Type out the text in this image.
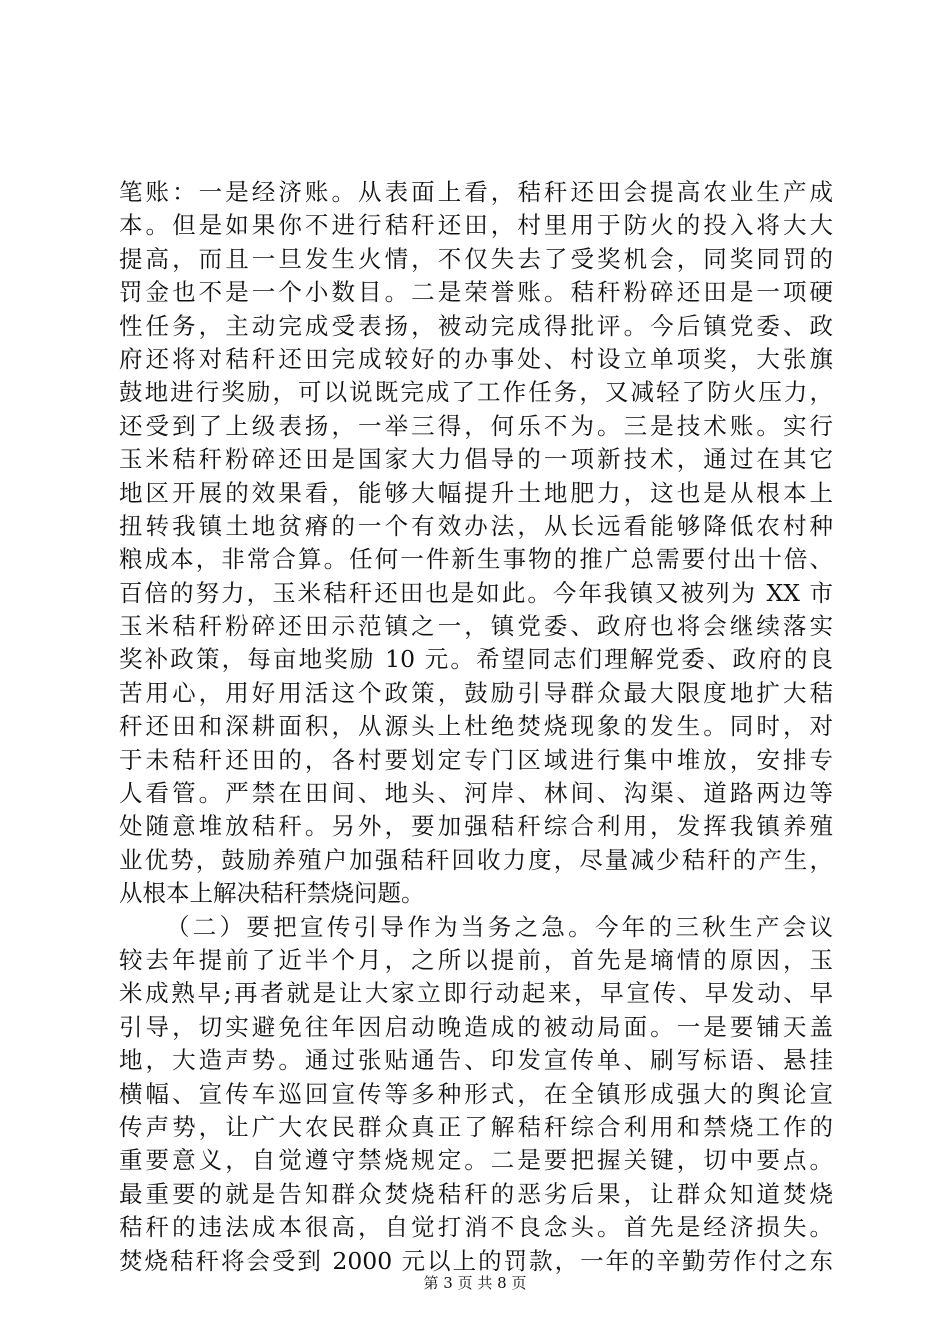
笔账：一是经济账。从表面上看，秸秆还田会提高农业生产成
本。但是如果你不进行秸秆还田，村里用于防火的投入将大大
提高，而且一旦发生火情，不仅失去了受奖机会，同奖同罚的
罚金也不是一个小数目。二是荣誉账。秸秆粉碎还田是一项硬
性任务，主动完成受表扬，被动完成得批评。今后镇党委、政
府还将对秸秆还田完成较好的办事处、村设立单项奖，大张旗
鼓地进行奖励，可以说既完成了工作任务，又减轻了防火压力，
还受到了上级表扬，一举三得，何乐不为。三是技术账。实行
玉米秸秆粉碎还田是国家大力倡导的一项新技术，通过在其它
地区开展的效果看，能够大幅提升土地肥力，这也是从根本上
扭转我镇土地贫瘠的一个有效办法，从长远看能够降低农村种
粮成本，非常合算。任何一件新生事物的推广总需要付出十倍、
百倍的努力，玉米秸秆还田也是如此。今年我镇又被列为 XX 市
玉米秸秆粉碎还田示范镇之一，镇党委、政府也将会继续落实
奖补政策，每亩地奖励 10 元。希望同志们理解党委、政府的良
苦用心，用好用活这个政策，鼓励引导群众最大限度地扩大秸
秆还田和深耕面积，从源头上杜绝焚烧现象的发生。同时，对
于未秸秆还田的，各村要划定专门区域进行集中堆放，安排专
人看管。严禁在田间、地头、河岸、林间、沟渠、道路两边等
处随意堆放秸秆。另外，要加强秸秆综合利用，发挥我镇养殖
业优势，鼓励养殖户加强秸秆回收力度，尽量减少秸秆的产生，
从根本上解决秸秆禁烧问题。
（二）要把宣传引导作为当务之急。今年的三秋生产会议
较去年提前了近半个月，之所以提前，首先是墒情的原因，玉
米成熟早;再者就是让大家立即行动起来，早宣传、早发动、早
引导，切实避免往年因启动晚造成的被动局面。一是要铺天盖
地，大造声势。通过张贴通告、印发宣传单、刷写标语、悬挂
横幅、宣传车巡回宣传等多种形式，在全镇形成强大的舆论宣
传声势，让广大农民群众真正了解秸秆综合利用和禁烧工作的
重要意义，自觉遵守禁烧规定。二是要把握关键，切中要点。
最重要的就是告知群众焚烧秸秆的恶劣后果，让群众知道焚烧
秸秆的违法成本很高，自觉打消不良念头。首先是经济损失。
焚烧秸秆将会受到 2000 元以上的罚款，一年的辛勤劳作付之东
第 3 页 共 8 页
